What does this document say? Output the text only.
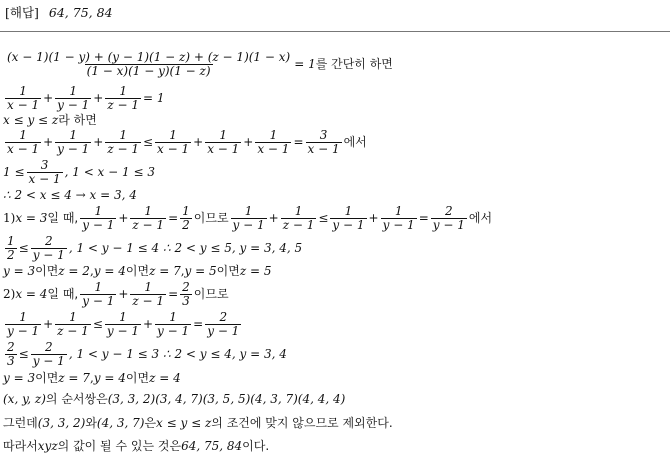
[해답] 64, 75, 84
$\frac{(x - 1)(1 - y) + (y - 1)(1 - z) + (z - 1)(1 - x)}{(1 - x)(1 - y)(1 - z)} = 1$ 를 간단히 하면
$\frac{1}{x - 1} + \frac{1}{y - 1} + \frac{1}{z - 1} = 1$
x ≤ y ≤ z 라 하면
$\frac{1}{x - 1} + \frac{1}{y - 1} + \frac{1}{z - 1} \le \frac{1}{x - 1} + \frac{1}{x - 1} + \frac{1}{x - 1} = \frac{3}{x - 1}$ 에서
$1 \le \frac{3}{x - 1}$ , 1 < x − 1 ≤ 3
∴ 2 < x ≤ 4 → x = 3, 4
1) x = 3 일 때, $\frac{1}{y - 1} + \frac{1}{z - 1} = \frac{1}{2}$ 이므로 $\frac{1}{y - 1} + \frac{1}{z - 1} \le \frac{1}{y - 1} + \frac{1}{y - 1} = \frac{2}{y - 1}$ 에서
$\frac{1}{2} \le \frac{2}{y - 1}$ , 1 < y − 1 ≤ 4 ∴ 2 < y ≤ 5, y = 3, 4, 5
y = 3 이면 z = 2 , y = 4 이면 z = 7 , y = 5 이면 z = 5
2) x = 4 일 때, $\frac{1}{y - 1} + \frac{1}{z - 1} = \frac{2}{3}$ 이므로
$\frac{1}{y - 1} + \frac{1}{z - 1} \le \frac{1}{y - 1} + \frac{1}{y - 1} = \frac{2}{y - 1}$
$\frac{2}{3} \le \frac{2}{y - 1}$ , 1 < y − 1 ≤ 3 ∴ 2 < y ≤ 4, y = 3, 4
y = 3 이면 z = 7 , y = 4 이면 z = 4
(x, y, z) 의 순서쌍은 (3, 3, 2)(3, 4, 7)(3, 5, 5)(4, 3, 7)(4, 4, 4)
그런데 (3, 3, 2) 와 (4, 3, 7) 은 x ≤ y ≤ z 의 조건에 맞지 않으므로 제외한다.
따라서 xyz 의 값이 될 수 있는 것은 64, 75, 84 이다.
